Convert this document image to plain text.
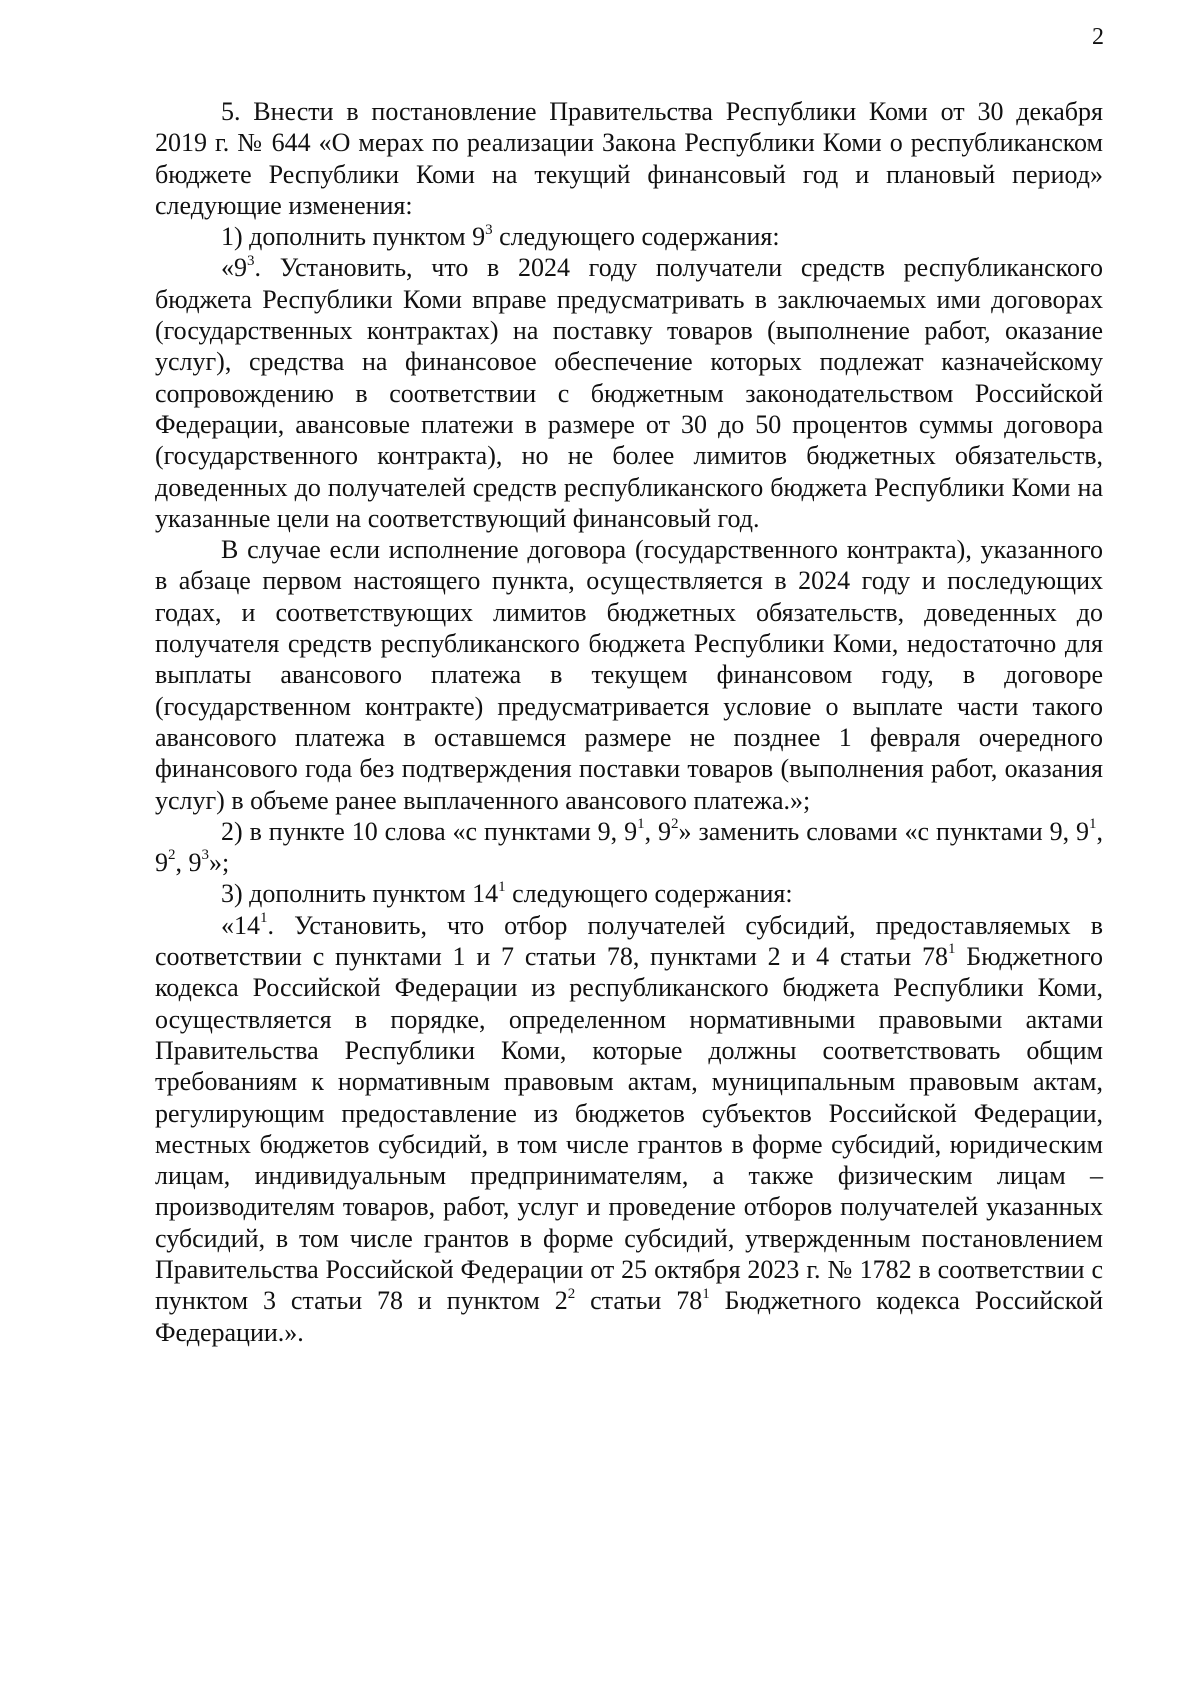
2

5. Внести в постановление Правительства Республики Коми от 30 декабря 2019 г. № 644 «О мерах по реализации Закона Республики Коми о республиканском бюджете Республики Коми на текущий финансовый год и плановый период» следующие изменения:

1) дополнить пунктом $9^3$ следующего содержания:

«$9^3$. Установить, что в 2024 году получатели средств республиканского бюджета Республики Коми вправе предусматривать в заключаемых ими договорах (государственных контрактах) на поставку товаров (выполнение работ, оказание услуг), средства на финансовое обеспечение которых подлежат казначейскому сопровождению в соответствии с бюджетным законодательством Российской Федерации, авансовые платежи в размере от 30 до 50 процентов суммы договора (государственного контракта), но не более лимитов бюджетных обязательств, доведенных до получателей средств республиканского бюджета Республики Коми на указанные цели на соответствующий финансовый год.

В случае если исполнение договора (государственного контракта), указанного в абзаце первом настоящего пункта, осуществляется в 2024 году и последующих годах, и соответствующих лимитов бюджетных обязательств, доведенных до получателя средств республиканского бюджета Республики Коми, недостаточно для выплаты авансового платежа в текущем финансовом году, в договоре (государственном контракте) предусматривается условие о выплате части такого авансового платежа в оставшемся размере не позднее 1 февраля очередного финансового года без подтверждения поставки товаров (выполнения работ, оказания услуг) в объеме ранее выплаченного авансового платежа.»;

2) в пункте 10 слова «с пунктами 9, $9^1$, $9^2$» заменить словами «с пунктами 9, $9^1$, $9^2$, $9^3$»;

3) дополнить пунктом $14^1$ следующего содержания:

«$14^1$. Установить, что отбор получателей субсидий, предоставляемых в соответствии с пунктами 1 и 7 статьи 78, пунктами 2 и 4 статьи $78^1$ Бюджетного кодекса Российской Федерации из республиканского бюджета Республики Коми, осуществляется в порядке, определенном нормативными правовыми актами Правительства Республики Коми, которые должны соответствовать общим требованиям к нормативным правовым актам, муниципальным правовым актам, регулирующим предоставление из бюджетов субъектов Российской Федерации, местных бюджетов субсидий, в том числе грантов в форме субсидий, юридическим лицам, индивидуальным предпринимателям, а также физическим лицам – производителям товаров, работ, услуг и проведение отборов получателей указанных субсидий, в том числе грантов в форме субсидий, утвержденным постановлением Правительства Российской Федерации от 25 октября 2023 г. № 1782 в соответствии с пунктом 3 статьи 78 и пунктом $2^2$ статьи $78^1$ Бюджетного кодекса Российской Федерации.».
